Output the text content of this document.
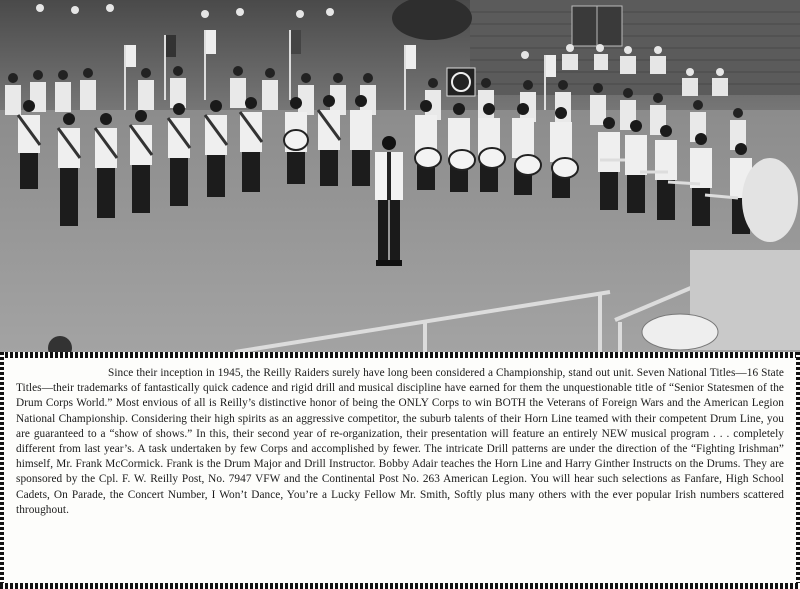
Since their inception in 1945, the Reilly Raiders surely have long been considered a Championship, stand out unit. Seven National Titles—16 State Titles—their trademarks of fantastically quick cadence and rigid drill and musical discipline have earned for them the unquestionable title of “Senior Statesmen of the Drum Corps World.” Most envious of all is Reilly’s distinctive honor of being the ONLY Corps to win BOTH the Veterans of Foreign Wars and the American Legion National Championship. Considering their high spirits as an aggressive competitor, the suburb talents of their Horn Line teamed with their competent Drum Line, you are guaranteed to a “show of shows.” In this, their second year of re-organization, their presentation will feature an entirely NEW musical program . . . completely different from last year’s. A task undertaken by few Corps and accomplished by fewer. The intricate Drill patterns are under the direction of the “Fighting Irishman” himself, Mr. Frank McCormick. Frank is the Drum Major and Drill Instructor. Bobby Adair teaches the Horn Line and Harry Ginther Instructs on the Drums. They are sponsored by the Cpl. F. W. Reilly Post, No. 7947 VFW and the Continental Post No. 263 American Legion. You will hear such selections as Fanfare, High School Cadets, On Parade, the Concert Number, I Won’t Dance, You’re a Lucky Fellow Mr. Smith, Softly plus many others with the ever popular Irish numbers scattered throughout.
